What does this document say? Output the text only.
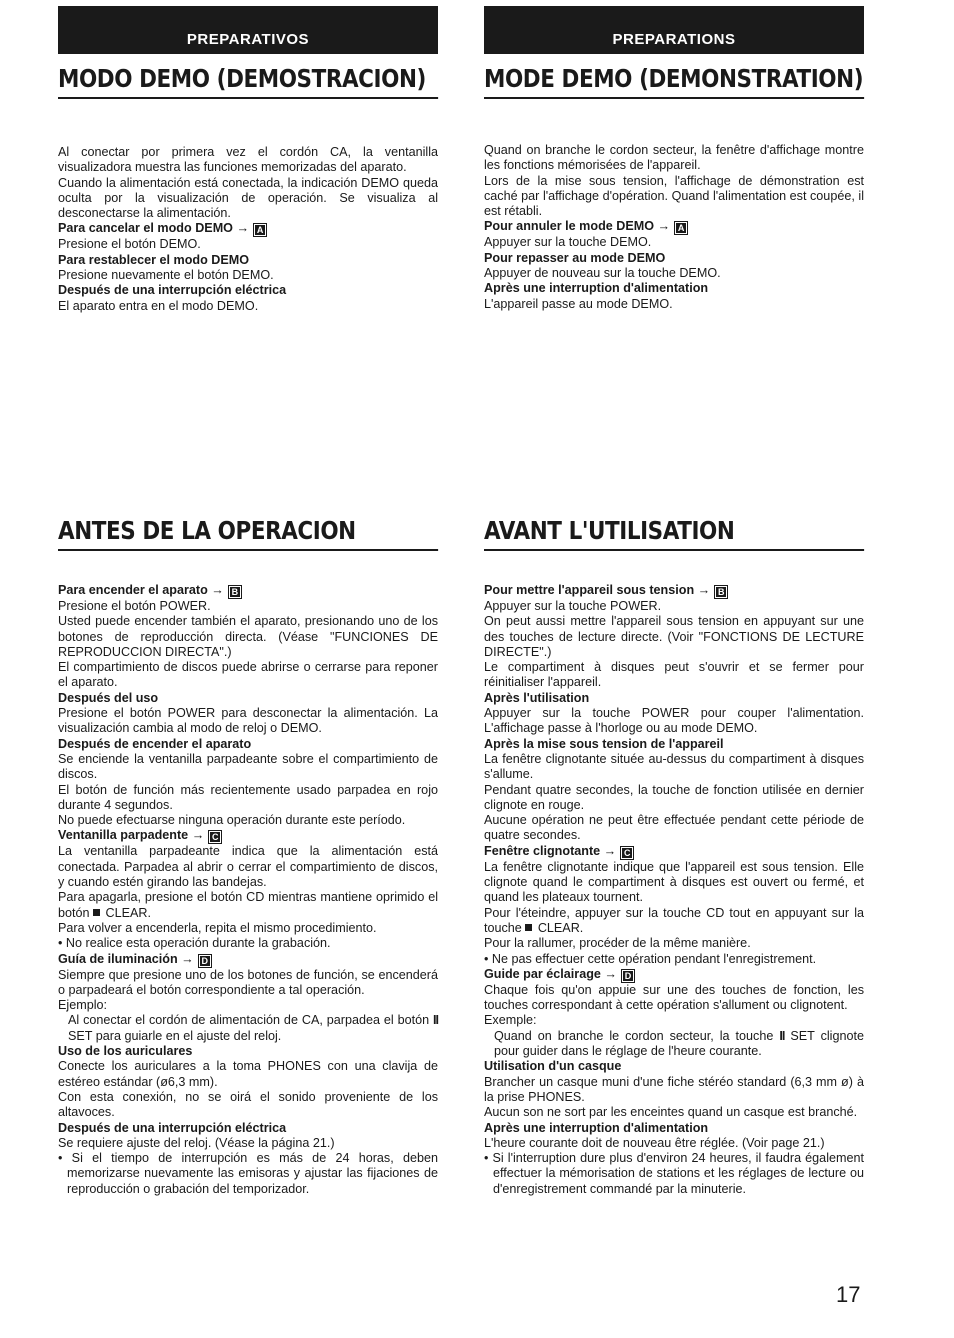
PREPARATIVOS	PREPARATIONS
MODO DEMO (DEMOSTRACION)	MODE DEMO (DEMONSTRATION)
ANTES DE LA OPERACION	AVANT L'UTILISATION

Al conectar por primera vez el cordón CA, la ventanilla visualizadora muestra las funciones memorizadas del aparato.

Cuando la alimentación está conectada, la indicación DEMO queda oculta por la visualización de operación. Se visualiza al desconectarse la alimentación.

Para cancelar el modo DEMO → A

Presione el botón DEMO.

Para restablecer el modo DEMO

Presione nuevamente el botón DEMO.

Después de una interrupción eléctrica

El aparato entra en el modo DEMO.

Quand on branche le cordon secteur, la fenêtre d'affichage montre les fonctions mémorisées de l'appareil.

Lors de la mise sous tension, l'affichage de démonstration est caché par l'affichage d'opération. Quand l'alimentation est coupée, il est rétabli.

Pour annuler le mode DEMO → A

Appuyer sur la touche DEMO.

Pour repasser au mode DEMO

Appuyer de nouveau sur la touche DEMO.

Après une interruption d'alimentation

L'appareil passe au mode DEMO.

Para encender el aparato → B

Presione el botón POWER.

Usted puede encender también el aparato, presionando uno de los botones de reproducción directa. (Véase "FUNCIONES DE REPRODUCCION DIRECTA".)

El compartimiento de discos puede abrirse o cerrarse para reponer el aparato.

Después del uso

Presione el botón POWER para desconectar la alimentación. La visualización cambia al modo de reloj o DEMO.

Después de encender el aparato

Se enciende la ventanilla parpadeante sobre el compartimiento de discos.

El botón de función más recientemente usado parpadea en rojo durante 4 segundos.

No puede efectuarse ninguna operación durante este período.

Ventanilla parpadente → C

La ventanilla parpadeante indica que la alimentación está conectada. Parpadea al abrir o cerrar el compartimiento de discos, y cuando estén girando las bandejas.

Para apagarla, presione el botón CD mientras mantiene oprimido el botón CLEAR.

Para volver a encenderla, repita el mismo procedimiento.

• No realice esta operación durante la grabación.

Guía de iluminación → D

Siempre que presione uno de los botones de función, se encenderá o parpadeará el botón correspondiente a tal operación.

Ejemplo:

Al conectar el cordón de alimentación de CA, parpadea el botón II SET para guiarle en el ajuste del reloj.

Uso de los auriculares

Conecte los auriculares a la toma PHONES con una clavija de estéreo estándar (ø6,3 mm).

Con esta conexión, no se oirá el sonido proveniente de los altavoces.

Después de una interrupción eléctrica

Se requiere ajuste del reloj. (Véase la página 21.)

• Si el tiempo de interrupción es más de 24 horas, deben memorizarse nuevamente las emisoras y ajustar las fijaciones de reproducción o grabación del temporizador.

Pour mettre l'appareil sous tension → B

Appuyer sur la touche POWER.

On peut aussi mettre l'appareil sous tension en appuyant sur une des touches de lecture directe. (Voir "FONCTIONS DE LECTURE DIRECTE".)

Le compartiment à disques peut s'ouvrir et se fermer pour réinitialiser l'appareil.

Après l'utilisation

Appuyer sur la touche POWER pour couper l'alimentation. L'affichage passe à l'horloge ou au mode DEMO.

Après la mise sous tension de l'appareil

La fenêtre clignotante située au-dessus du compartiment à disques s'allume.

Pendant quatre secondes, la touche de fonction utilisée en dernier clignote en rouge.

Aucune opération ne peut être effectuée pendant cette période de quatre secondes.

Fenêtre clignotante → C

La fenêtre clignotante indique que l'appareil est sous tension. Elle clignote quand le compartiment à disques est ouvert ou fermé, et quand les plateaux tournent.

Pour l'éteindre, appuyer sur la touche CD tout en appuyant sur la touche CLEAR.

Pour la rallumer, procéder de la même manière.

• Ne pas effectuer cette opération pendant l'enregistrement.

Guide par éclairage → D

Chaque fois qu'on appuie sur une des touches de fonction, les touches correspondant à cette opération s'allument ou clignotent.

Exemple:

Quand on branche le cordon secteur, la touche II SET clignote pour guider dans le réglage de l'heure courante.

Utilisation d'un casque

Brancher un casque muni d'une fiche stéréo standard (6,3 mm ø) à la prise PHONES.

Aucun son ne sort par les enceintes quand un casque est branché.

Après une interruption d'alimentation

L'heure courante doit de nouveau être réglée. (Voir page 21.)

• Si l'interruption dure plus d'environ 24 heures, il faudra également effectuer la mémorisation de stations et les réglages de lecture ou d'enregistrement commandé par la minuterie.

17
